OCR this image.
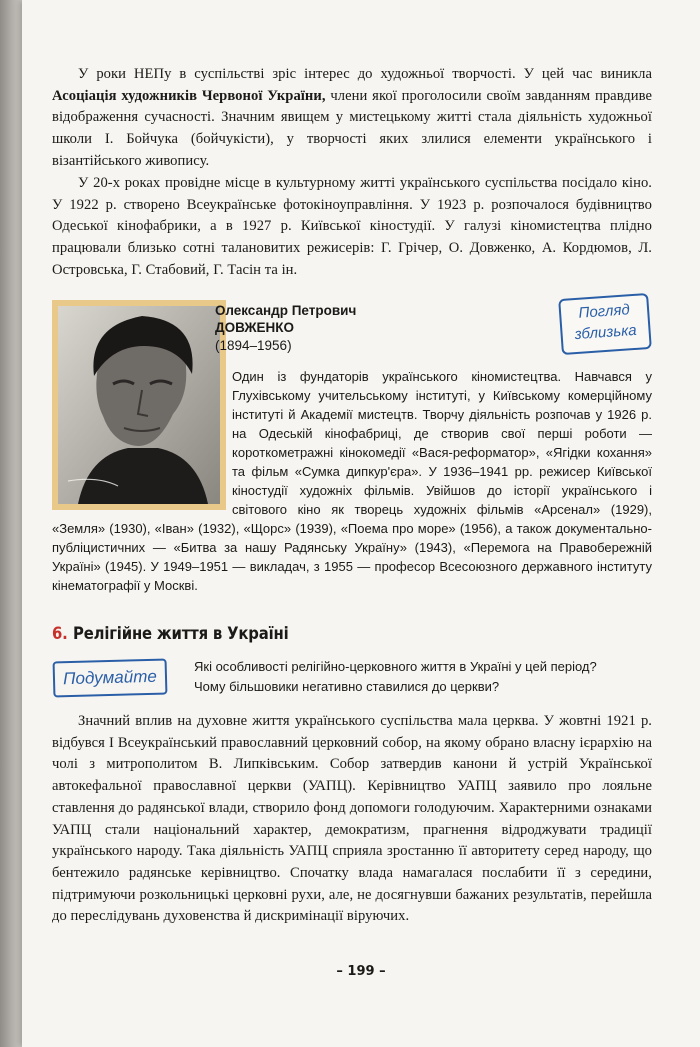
У роки НЕПу в суспільстві зріс інтерес до художньої творчості. У цей час виникла Асоціація художників Червоної України, члени якої проголосили своїм завданням правдиве відображення сучасності. Значним явищем у мистецькому житті стала діяльність художньої школи І. Бойчука (бойчукісти), у творчості яких злилися елементи українського і візантійського живопису.

У 20-х роках провідне місце в культурному житті українського суспільства посідало кіно. У 1922 р. створено Всеукраїнське фотокіноуправління. У 1923 р. розпочалося будівництво Одеської кінофабрики, а в 1927 р. Київської кіностудії. У галузі кіномистецтва плідно працювали близько сотні талановитих режисерів: Г. Грічер, О. Довженко, А. Кордюмов, Л. Островська, Г. Стабовий, Г. Тасін та ін.

Олександр Петрович
ДОВЖЕНКО
(1894–1956)
Погляд
зблизька

Один із фундаторів українського кіномистецтва. Навчався у Глухівському учительському інституті, у Київському комерційному інституті й Академії мистецтв. Творчу діяльність розпочав у 1926 р. на Одеській кінофабриці, де створив свої перші роботи — короткометражні кінокомедії «Вася-реформатор», «Ягідки кохання» та фільм «Сумка дипкур'єра». У 1936–1941 рр. режисер Київської кіностудії художніх фільмів. Увійшов до історії українського і світового кіно як творець художніх фільмів «Арсенал» (1929), «Земля» (1930), «Іван» (1932), «Щорс» (1939), «Поема про море» (1956), а також документально-публіцистичних — «Битва за нашу Радянську Україну» (1943), «Перемога на Правобережній Україні» (1945). У 1949–1951 — викладач, з 1955 — професор Всесоюзного державного інституту кінематографії у Москві.

6. Релігійне життя в Україні
Подумайте
Які особливості релігійно-церковного життя в Україні у цей період?
Чому більшовики негативно ставилися до церкви?

Значний вплив на духовне життя українського суспільства мала церква. У жовтні 1921 р. відбувся І Всеукраїнський православний церковний собор, на якому обрано власну ієрархію на чолі з митрополитом В. Липківським. Собор затвердив канони й устрій Української автокефальної православної церкви (УАПЦ). Керівництво УАПЦ заявило про лояльне ставлення до радянської влади, створило фонд допомоги голодуючим. Характерними ознаками УАПЦ стали національний характер, демократизм, прагнення відроджувати традиції українського народу. Така діяльність УАПЦ сприяла зростанню її авторитету серед народу, що бентежило радянське керівництво. Спочатку влада намагалася послабити її з середини, підтримуючи розкольницькі церковні рухи, але, не досягнувши бажаних результатів, перейшла до переслідувань духовенства й дискримінації віруючих.

– 199 –
